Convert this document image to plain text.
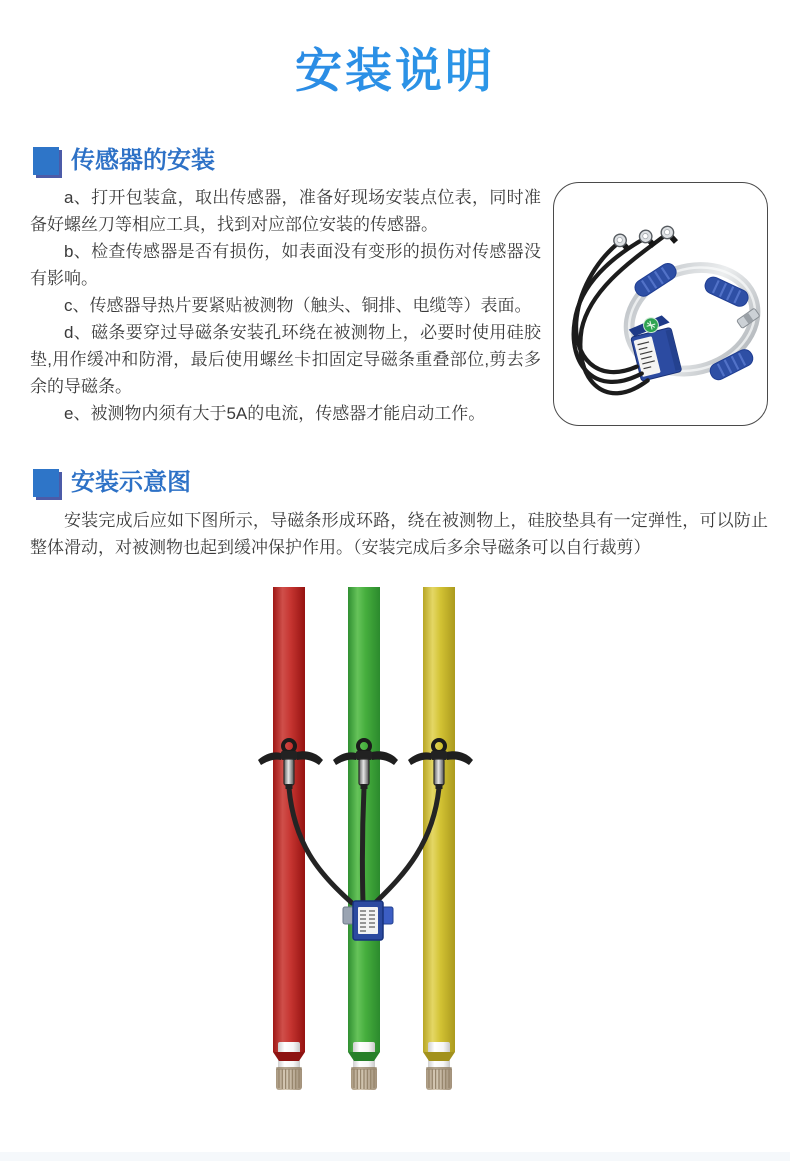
安装说明
传感器的安装

a、打开包装盒，取出传感器，准备好现场安装点位表，同时准备好螺丝刀等相应工具，找到对应部位安装的传感器。

b、检查传感器是否有损伤，如表面没有变形的损伤对传感器没有影响。

c、传感器导热片要紧贴被测物（触头、铜排、电缆等）表面。

d、磁条要穿过导磁条安装孔环绕在被测物上，必要时使用硅胶垫,用作缓冲和防滑，最后使用螺丝卡扣固定导磁条重叠部位,剪去多余的导磁条。

e、被测物内须有大于5A的电流，传感器才能启动工作。

安装示意图

安装完成后应如下图所示，导磁条形成环路，绕在被测物上，硅胶垫具有一定弹性，可以防止整体滑动，对被测物也起到缓冲保护作用。（安装完成后多余导磁条可以自行裁剪）
